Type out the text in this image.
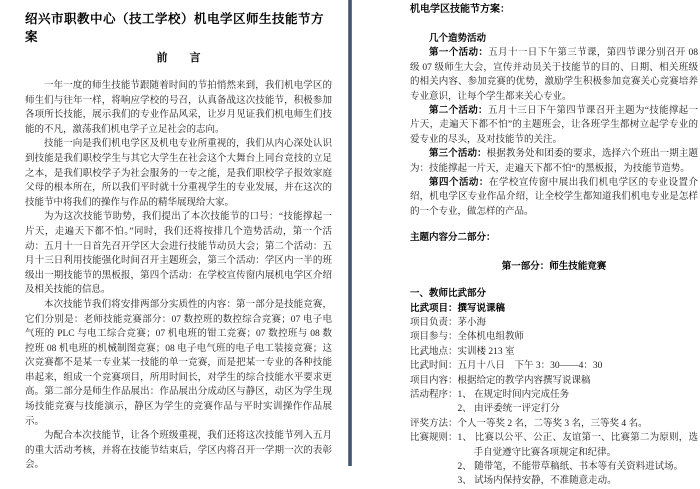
绍兴市职教中心（技工学校）机电学区师生技能节方案
前　　言

一年一度的师生技能节跟随着时间的节拍悄然来到，我们机电学区的师生们与往年一样，将响应学校的号召，认真备战这次技能节，积极参加各项所长技能，展示我们的专业作品风采，让岁月见证我们机电师生们技能的不凡，激荡我们机电学子立足社会的志向。

技能一向是我们机电学区及机电专业所重视的，我们从内心深处认识到技能是我们职校学生与其它大学生在社会这个大舞台上同台竞技的立足之本，是我们职校学子为社会服务的一专之能，是我们职校学子报效家庭父母的根本所在，所以我们平时就十分重视学生的专业发展，并在这次的技能节中将我们的操作与作品的精华展现给大家。

为为这次技能节助势，我们提出了本次技能节的口号：“技能撑起一片天，走遍天下都不怕。”同时，我们还将按排几个造势活动，第一个活动：五月十一日首先召开学区大会进行技能节动员大会；第二个活动：五月十三日利用技能强化时间召开主题班会，第三个活动：学区内一半的班级出一期技能节的黑板报，第四个活动：在学校宣传窗内展机电学区介绍及相关技能的信息。

本次技能节我们将安排两部分实质性的内容：第一部分是技能竞赛，它们分别是：老师技能竞赛部分：07 数控班的数控综合竞赛；07 电子电气班的 PLC 与电工综合竞赛；07 机电班的钳工竞赛；07 数控班与 08 数控班 08 机电班的机械制图竞赛；08 电子电气班的电子电工装接竞赛；这次竞赛都不是某一专业某一技能的单一竞赛，而是把某一专业的各种技能串起来，组成一个竞赛项目，所用时间长，对学生的综合技能水平要求更高。第二部分是师生作品展出：作品展出分成动区与静区，动区为学生现场技能竞赛与技能演示，静区为学生的竞赛作品与平时实训操作作品展示。

为配合本次技能节，让各个班级重视，我们还将这次技能节列入五月的重大活动考核，并将在技能节结束后，学区内将召开一学期一次的表彰会。

机电学区技能节方案：
几个造势活动

第一个活动：五月十一日下午第三节课，第四节课分别召开 08 级 07 级师生大会，宣传并动员关于技能节的目的、日期、相关班级的相关内容、参加竞赛的优势，激励学生积极参加竞赛关心竞赛培养专业意识，让每个学生都来关心专业。

第二个活动：五月十三日下午第四节课召开主题为“技能撑起一片天，走遍天下都不怕”的主题班会，让各班学生都树立起学专业的爱专业的尽头，及对技能节的关注。

第三个活动：根据教务处和团委的要求，选择六个班出一期主题为：技能撑起一片天，走遍天下都不怕“的黑板报，为技能节造势。

第四个活动：在学校宣传窗中展出我们机电学区的专业设置介绍，机电学区专业作品介绍，让全校学生都知道我们机电专业是怎样的一个专业，做怎样的产品。

主题内容分二部分：
第一部分：师生技能竞赛
一、教师比武部分
比武项目： 撰写说课稿
项目负责： 茅小海
项目参与： 全体机电组教师
比武地点： 实训楼 213 室
比武时间： 五月十八日　下午 3：30——4：30
项目内容： 根据给定的教学内容撰写说课稿
活动程序： 1、 在规定时间内完成任务
2、 由评委统一评定打分
评奖方法： 个人一等奖 2 名，二等奖 3 名，三等奖 4 名。
比赛规则： 1、 比赛以公平、公正、友谊第一、比赛第二为原则，选手自觉遵守比赛各项规定和纪律。
2、 随带笔，不能带草稿纸、书本等有关资料进试场。
3、 试场内保持安静，不准随意走动。
